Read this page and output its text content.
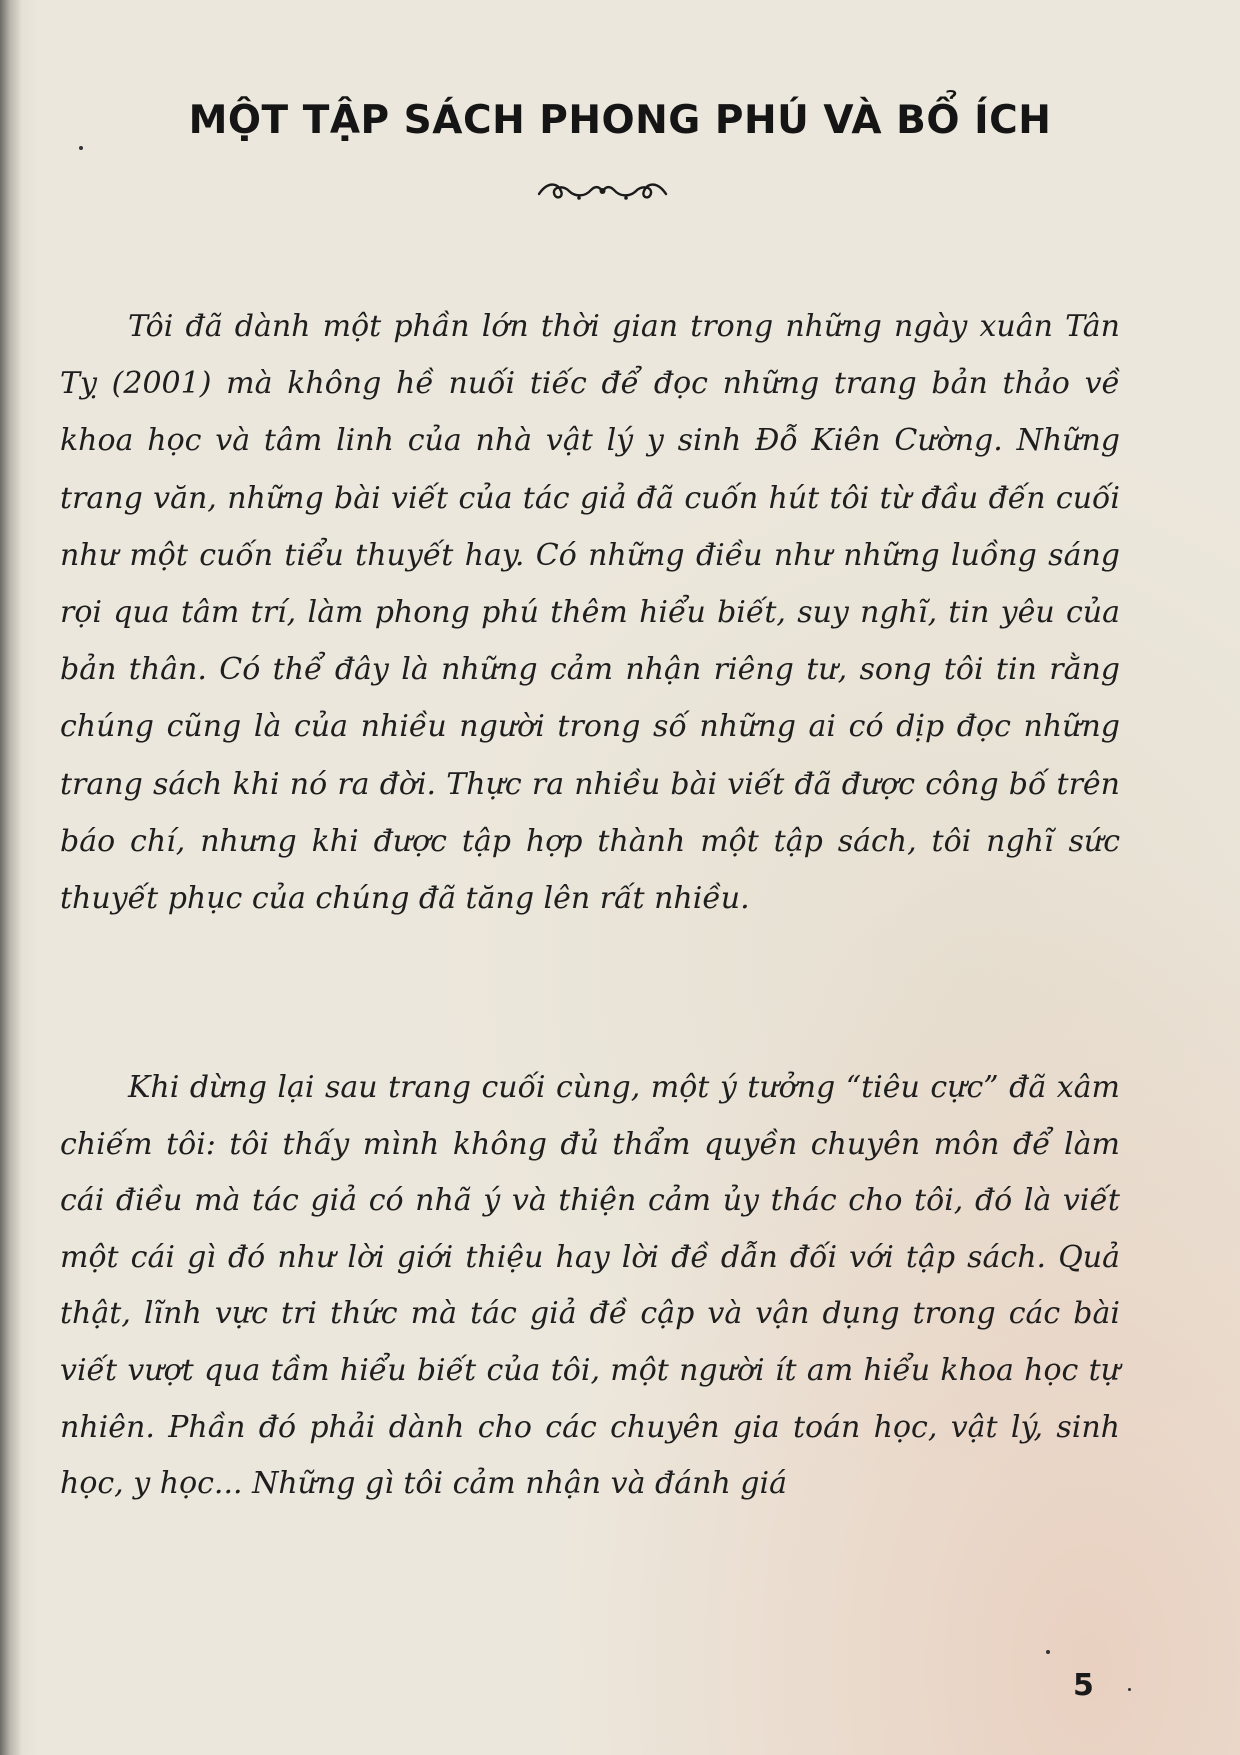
MỘT TẬP SÁCH PHONG PHÚ VÀ BỔ ÍCH

Tôi đã dành một phần lớn thời gian trong những ngày xuân Tân Tỵ (2001) mà không hề nuối tiếc để đọc những trang bản thảo về khoa học và tâm linh của nhà vật lý y sinh Đỗ Kiên Cường. Những trang văn, những bài viết của tác giả đã cuốn hút tôi từ đầu đến cuối như một cuốn tiểu thuyết hay. Có những điều như những luồng sáng rọi qua tâm trí, làm phong phú thêm hiểu biết, suy nghĩ, tin yêu của bản thân. Có thể đây là những cảm nhận riêng tư, song tôi tin rằng chúng cũng là của nhiều người trong số những ai có dịp đọc những trang sách khi nó ra đời. Thực ra nhiều bài viết đã được công bố trên báo chí, nhưng khi được tập hợp thành một tập sách, tôi nghĩ sức thuyết phục của chúng đã tăng lên rất nhiều.

Khi dừng lại sau trang cuối cùng, một ý tưởng “tiêu cực” đã xâm chiếm tôi: tôi thấy mình không đủ thẩm quyền chuyên môn để làm cái điều mà tác giả có nhã ý và thiện cảm ủy thác cho tôi, đó là viết một cái gì đó như lời giới thiệu hay lời đề dẫn đối với tập sách. Quả thật, lĩnh vực tri thức mà tác giả đề cập và vận dụng trong các bài viết vượt qua tầm hiểu biết của tôi, một người ít am hiểu khoa học tự nhiên. Phần đó phải dành cho các chuyên gia toán học, vật lý, sinh học, y học... Những gì tôi cảm nhận và đánh giá

5
